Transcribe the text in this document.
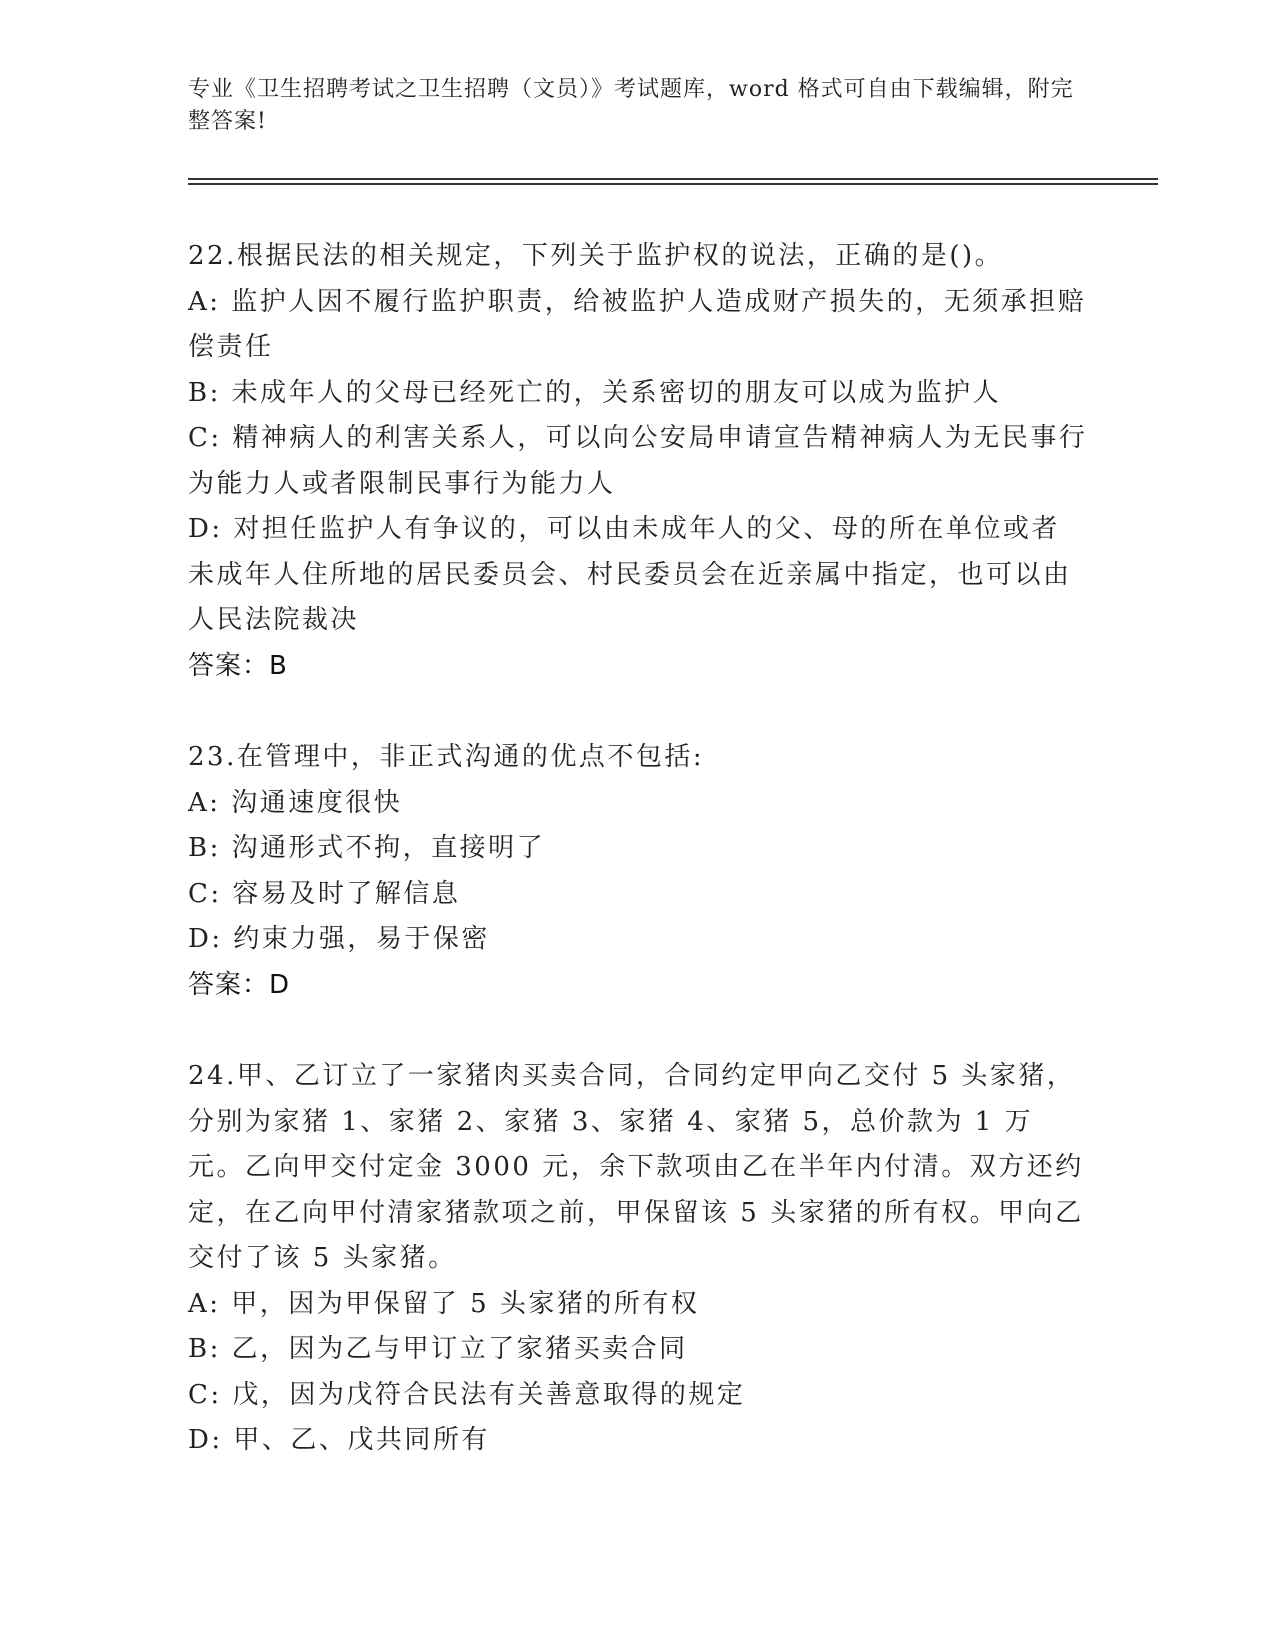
专业《卫生招聘考试之卫生招聘（文员）》考试题库，word 格式可自由下载编辑，附完整答案!

22.根据民法的相关规定，下列关于监护权的说法，正确的是()。

A: 监护人因不履行监护职责，给被监护人造成财产损失的，无须承担赔偿责任

B: 未成年人的父母已经死亡的，关系密切的朋友可以成为监护人

C: 精神病人的利害关系人，可以向公安局申请宣告精神病人为无民事行为能力人或者限制民事行为能力人

D: 对担任监护人有争议的，可以由未成年人的父、母的所在单位或者未成年人住所地的居民委员会、村民委员会在近亲属中指定，也可以由人民法院裁决

答案：B

23.在管理中，非正式沟通的优点不包括:

A: 沟通速度很快

B: 沟通形式不拘，直接明了

C: 容易及时了解信息

D: 约束力强，易于保密

答案：D

24.甲、乙订立了一家猪肉买卖合同，合同约定甲向乙交付 5 头家猪，分别为家猪 1、家猪 2、家猪 3、家猪 4、家猪 5，总价款为 1 万元。乙向甲交付定金 3000 元，余下款项由乙在半年内付清。双方还约定，在乙向甲付清家猪款项之前，甲保留该 5 头家猪的所有权。甲向乙交付了该 5 头家猪。

A: 甲，因为甲保留了 5 头家猪的所有权

B: 乙，因为乙与甲订立了家猪买卖合同

C: 戊，因为戊符合民法有关善意取得的规定

D: 甲、乙、戊共同所有
